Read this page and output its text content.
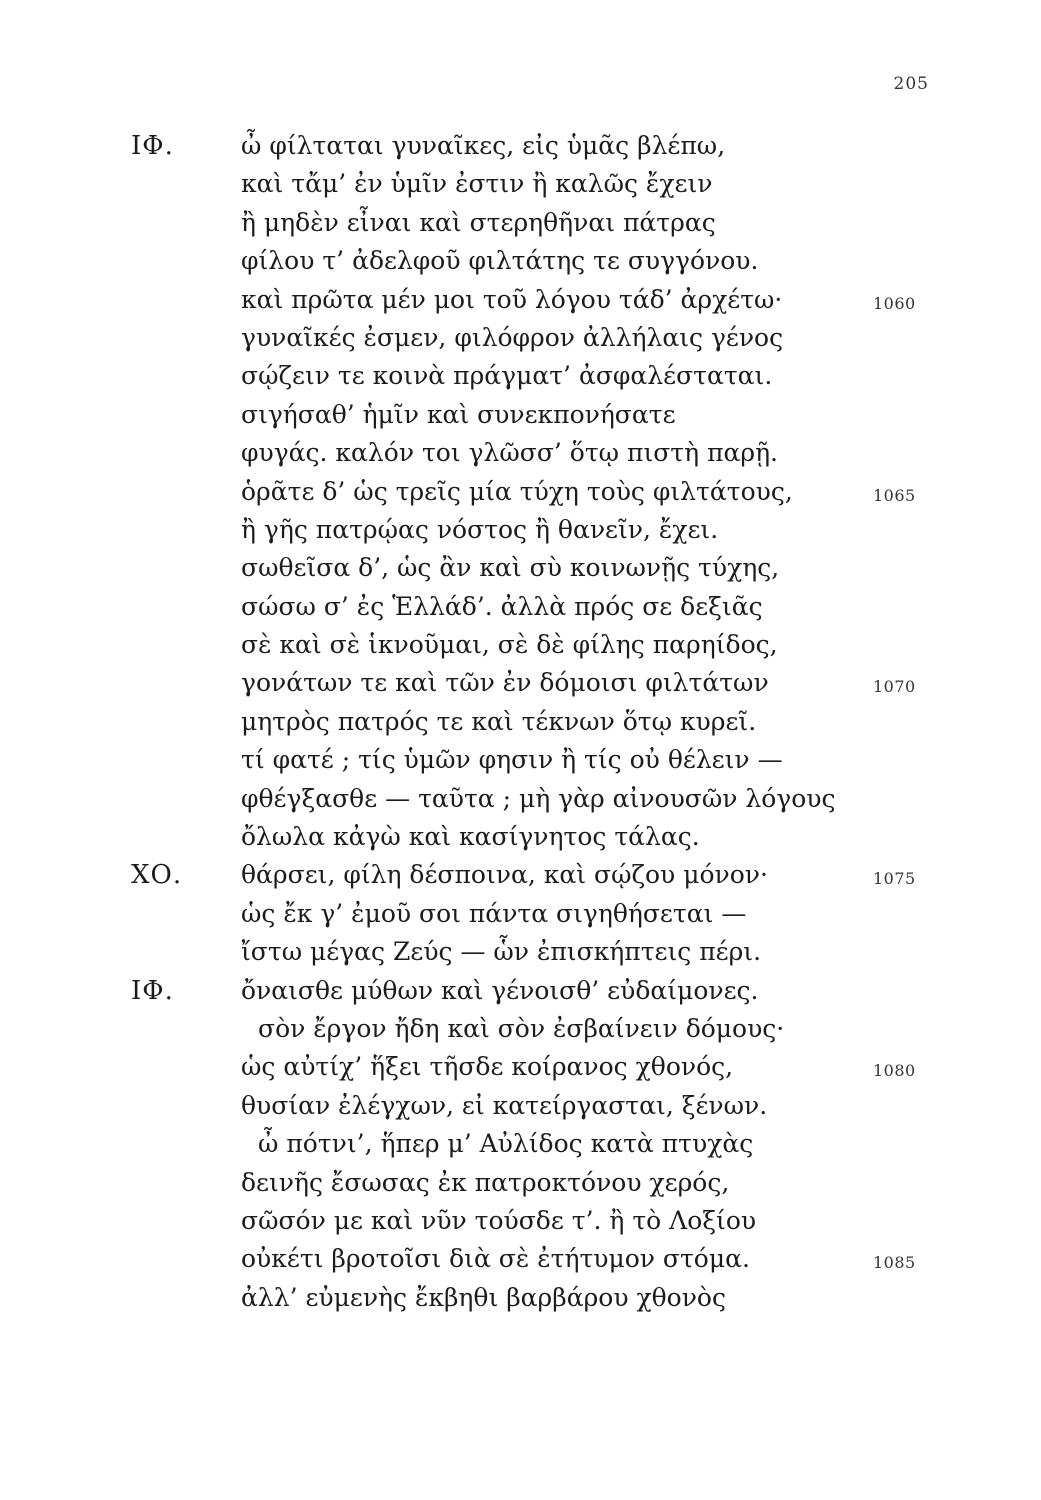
205
ΙΦ.	ὦ φίλταται γυναῖκες, εἰς ὑμᾶς βλέπω,
καὶ τἄμ’ ἐν ὑμῖν ἐστιν ἢ καλῶς ἔχειν
ἢ μηδὲν εἶναι καὶ στερηθῆναι πάτρας
φίλου τ’ ἀδελφοῦ φιλτάτης τε συγγόνου.
καὶ πρῶτα μέν μοι τοῦ λόγου τάδ’ ἀρχέτω·	1060
γυναῖκές ἐσμεν, φιλόφρον ἀλλήλαις γένος
σῴζειν τε κοινὰ πράγματ’ ἀσφαλέσταται.
σιγήσαθ’ ἡμῖν καὶ συνεκπονήσατε
φυγάς. καλόν τοι γλῶσσ’ ὅτῳ πιστὴ παρῇ.
ὁρᾶτε δ’ ὡς τρεῖς μία τύχη τοὺς φιλτάτους,	1065
ἢ γῆς πατρῴας νόστος ἢ θανεῖν, ἔχει.
σωθεῖσα δ’, ὡς ἂν καὶ σὺ κοινωνῇς τύχης,
σώσω σ’ ἐς Ἑλλάδ’. ἀλλὰ πρός σε δεξιᾶς
σὲ καὶ σὲ ἱκνοῦμαι, σὲ δὲ φίλης παρηίδος,
γονάτων τε καὶ τῶν ἐν δόμοισι φιλτάτων	1070
μητρὸς πατρός τε καὶ τέκνων ὅτῳ κυρεῖ.
τί φατέ ; τίς ὑμῶν φησιν ἢ τίς οὐ θέλειν —
φθέγξασθε — ταῦτα ; μὴ γὰρ αἰνουσῶν λόγους
ὄλωλα κἀγὼ καὶ κασίγνητος τάλας.
ΧΟ. θάρσει, φίλη δέσποινα, καὶ σῴζου μόνον·	1075
ὡς ἔκ γ’ ἐμοῦ σοι πάντα σιγηθήσεται —
ἴστω μέγας Ζεύς — ὧν ἐπισκήπτεις πέρι.
ΙΦ.	ὄναισθε μύθων καὶ γένοισθ’ εὐδαίμονες.
σὸν ἔργον ἤδη καὶ σὸν ἐσβαίνειν δόμους·
ὡς αὐτίχ’ ἥξει τῆσδε κοίρανος χθονός,	1080
θυσίαν ἐλέγχων, εἰ κατείργασται, ξένων.
ὦ πότνι’, ἥπερ μ’ Αὐλίδος κατὰ πτυχὰς
δεινῆς ἔσωσας ἐκ πατροκτόνου χερός,
σῶσόν με καὶ νῦν τούσδε τ’. ἢ τὸ Λοξίου
οὐκέτι βροτοῖσι διὰ σὲ ἐτήτυμον στόμα.	1085
ἀλλ’ εὐμενὴς ἔκβηθι βαρβάρου χθονὸς
